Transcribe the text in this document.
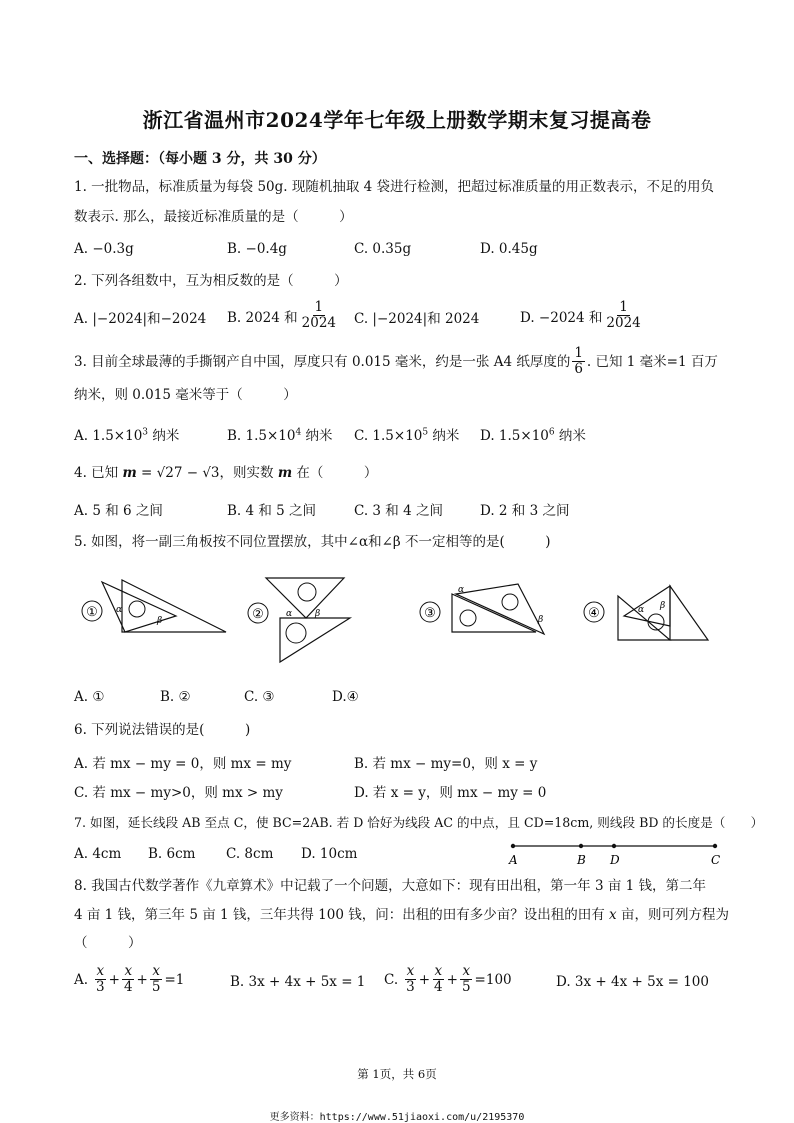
浙江省温州市2024学年七年级上册数学期末复习提高卷
一、选择题：（每小题 3 分，共 30 分）
1. 一批物品，标准质量为每袋 50g. 现随机抽取 4 袋进行检测，把超过标准质量的用正数表示，不足的用负
数表示. 那么，最接近标准质量的是（　　　）
A. −0.3g	B. −0.4g	C. 0.35g	D. 0.45g
2. 下列各组数中，互为相反数的是（　　　）
A. |−2024|和−2024 B. 2024 和 $\frac{1}{2024} C$. |−2024|和 2024	D. −2024 和 $\frac{1}{2024}$
3. 目前全球最薄的手撕钢产自中国，厚度只有 0.015 毫米，约是一张 A4 纸厚度的 $\frac{1}{6}$ . 已知 1 毫米=1 百万
纳米，则 0.015 毫米等于（　　　）
A. $1.5\times 10^3$ 纳米	B. $1.5\times 10^4$ 纳米 C. $1.5\times 10^5$ 纳米 D. $1.5\times 10^6$ 纳米
4. 已知 m = √27 − √3，则实数 m 在（　　　）
A. 5 和 6 之间	B. 4 和 5 之间	C. 3 和 4 之间	D. 2 和 3 之间
5. 如图，将一副三角板按不同位置摆放，其中∠α和∠β 不一定相等的是(　　　)
① α
β	② α	β	③
α
β	④	α β
A. ①	B. ②	C. ③	D.④
6. 下列说法错误的是(　　　)
A. 若 mx − my = 0，则 mx = my	B. 若 mx − my=0，则 x = y
C. 若 mx − my>0，则 mx > my	D. 若 x = y，则 mx − my = 0
7. 如图，延长线段 AB 至点 C，使 BC=2AB. 若 D 恰好为线段 AC 的中点，且 CD=18cm, 则线段 BD 的长度是（　　）
A. 4cm B. 6cm C. 8cm D. 10cm	A	B D	C
8. 我国古代数学著作《九章算术》中记载了一个问题，大意如下：现有田出租，第一年 3 亩 1 钱，第二年
4 亩 1 钱，第三年 5 亩 1 钱，三年共得 100 钱，问：出租的田有多少亩？设出租的田有 x 亩，则可列方程为
（　　　）
A. $\frac{x}{3} + \frac{x}{4} + \frac{x}{5} =1$	B. 3x + 4x + 5x = 1 C. $\frac{x}{3} + \frac{x}{4} + \frac{x}{5} =100$	D. 3x + 4x + 5x = 100
第 1页，共 6页
更多资料：https://www.51jiaoxi.com/u/2195370
